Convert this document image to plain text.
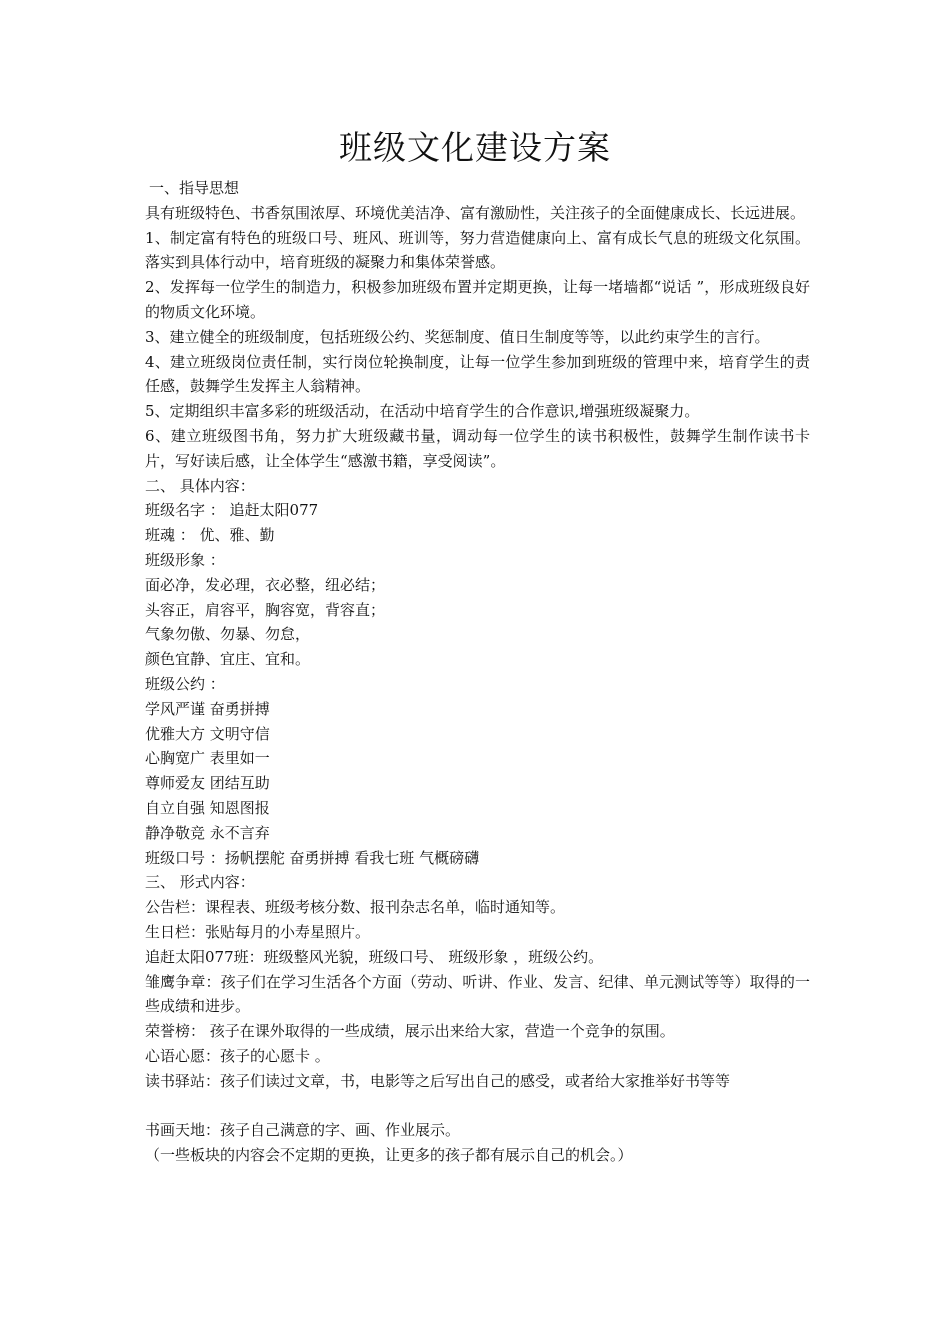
班级文化建设方案
一、指导思想
具有班级特色、书香氛围浓厚、环境优美洁净、富有激励性，关注孩子的全面健康成长、长远进展。
1、制定富有特色的班级口号、班风、班训等，努力营造健康向上、富有成长气息的班级文化氛围。落实到具体行动中，培育班级的凝聚力和集体荣誉感。
2、发挥每一位学生的制造力，积极参加班级布置并定期更换，让每一堵墙都“说话 ”，形成班级良好的物质文化环境。
3、建立健全的班级制度，包括班级公约、奖惩制度、值日生制度等等，以此约束学生的言行。
4、建立班级岗位责任制，实行岗位轮换制度，让每一位学生参加到班级的管理中来，培育学生的责任感，鼓舞学生发挥主人翁精神。
5、定期组织丰富多彩的班级活动，在活动中培育学生的合作意识,增强班级凝聚力。
6、建立班级图书角，努力扩大班级藏书量，调动每一位学生的读书积极性，鼓舞学生制作读书卡片，写好读后感，让全体学生“感激书籍，享受阅读”。
二、 具体内容：
班级名字 ： 追赶太阳077
班魂 ： 优、雅、勤
班级形象 ：
面必净，发必理，衣必整，纽必结；
头容正，肩容平，胸容宽，背容直；
气象勿傲、勿暴、勿怠，
颜色宜静、宜庄、宜和。
班级公约 ：
学风严谨 奋勇拼搏
优雅大方 文明守信
心胸宽广 表里如一
尊师爱友 团结互助
自立自强 知恩图报
静净敬竞 永不言弃
班级口号 ：扬帆摆舵 奋勇拼搏 看我七班 气概磅礴
三、 形式内容：
公告栏：课程表、班级考核分数、报刊杂志名单，临时通知等。
生日栏：张贴每月的小寿星照片。
追赶太阳077班：班级整风光貌，班级口号、 班级形象 ，班级公约。
雏鹰争章：孩子们在学习生活各个方面（劳动、听讲、作业、发言、纪律、单元测试等等）取得的一些成绩和进步。
荣誉榜： 孩子在课外取得的一些成绩，展示出来给大家，营造一个竞争的氛围。
心语心愿：孩子的心愿卡 。
读书驿站：孩子们读过文章，书，电影等之后写出自己的感受，或者给大家推举好书等等
书画天地：孩子自己满意的字、画、作业展示。
（一些板块的内容会不定期的更换，让更多的孩子都有展示自己的机会。）
